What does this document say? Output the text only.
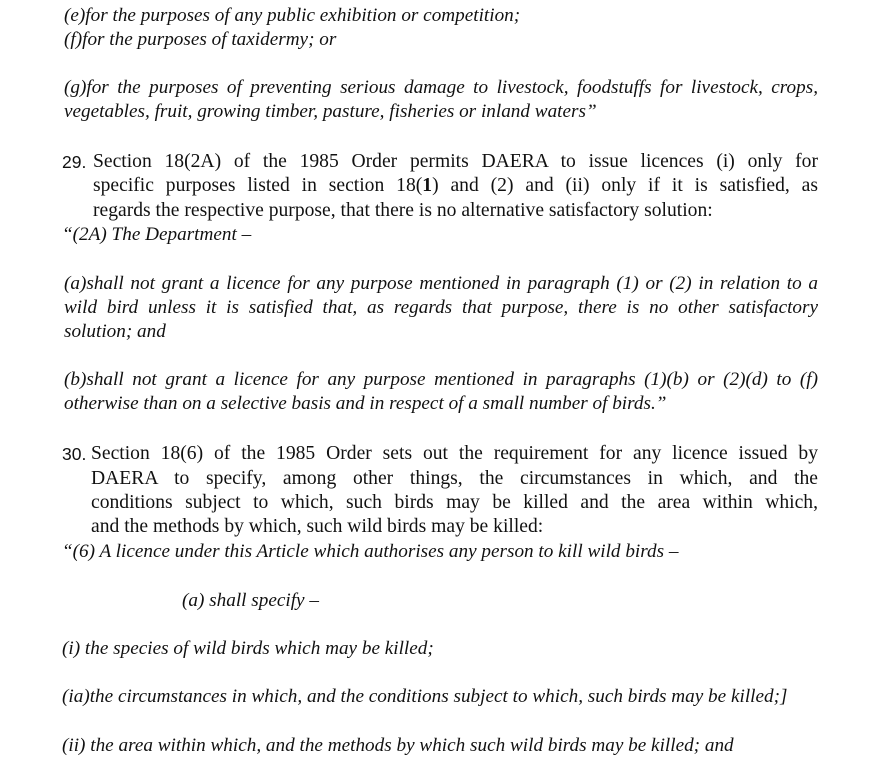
(e)for the purposes of any public exhibition or competition;
(f)for the purposes of taxidermy; or
(g)for the purposes of preventing serious damage to livestock, foodstuffs for livestock, crops,
vegetables, fruit, growing timber, pasture, fisheries or inland waters”
29. Section 18(2A) of the 1985 Order permits DAERA to issue licences (i) only for
specific purposes listed in section 18(1) and (2) and (ii) only if it is satisfied, as
regards the respective purpose, that there is no alternative satisfactory solution:
“(2A) The Department –
(a)shall not grant a licence for any purpose mentioned in paragraph (1) or (2) in relation to a
wild bird unless it is satisfied that, as regards that purpose, there is no other satisfactory
solution; and
(b)shall not grant a licence for any purpose mentioned in paragraphs (1)(b) or (2)(d) to (f)
otherwise than on a selective basis and in respect of a small number of birds.”
30. Section 18(6) of the 1985 Order sets out the requirement for any licence issued by
DAERA to specify, among other things, the circumstances in which, and the
conditions subject to which, such birds may be killed and the area within which,
and the methods by which, such wild birds may be killed:
“(6) A licence under this Article which authorises any person to kill wild birds –
(a) shall specify –
(i) the species of wild birds which may be killed;
(ia)the circumstances in which, and the conditions subject to which, such birds may be killed;]
(ii) the area within which, and the methods by which such wild birds may be killed; and
